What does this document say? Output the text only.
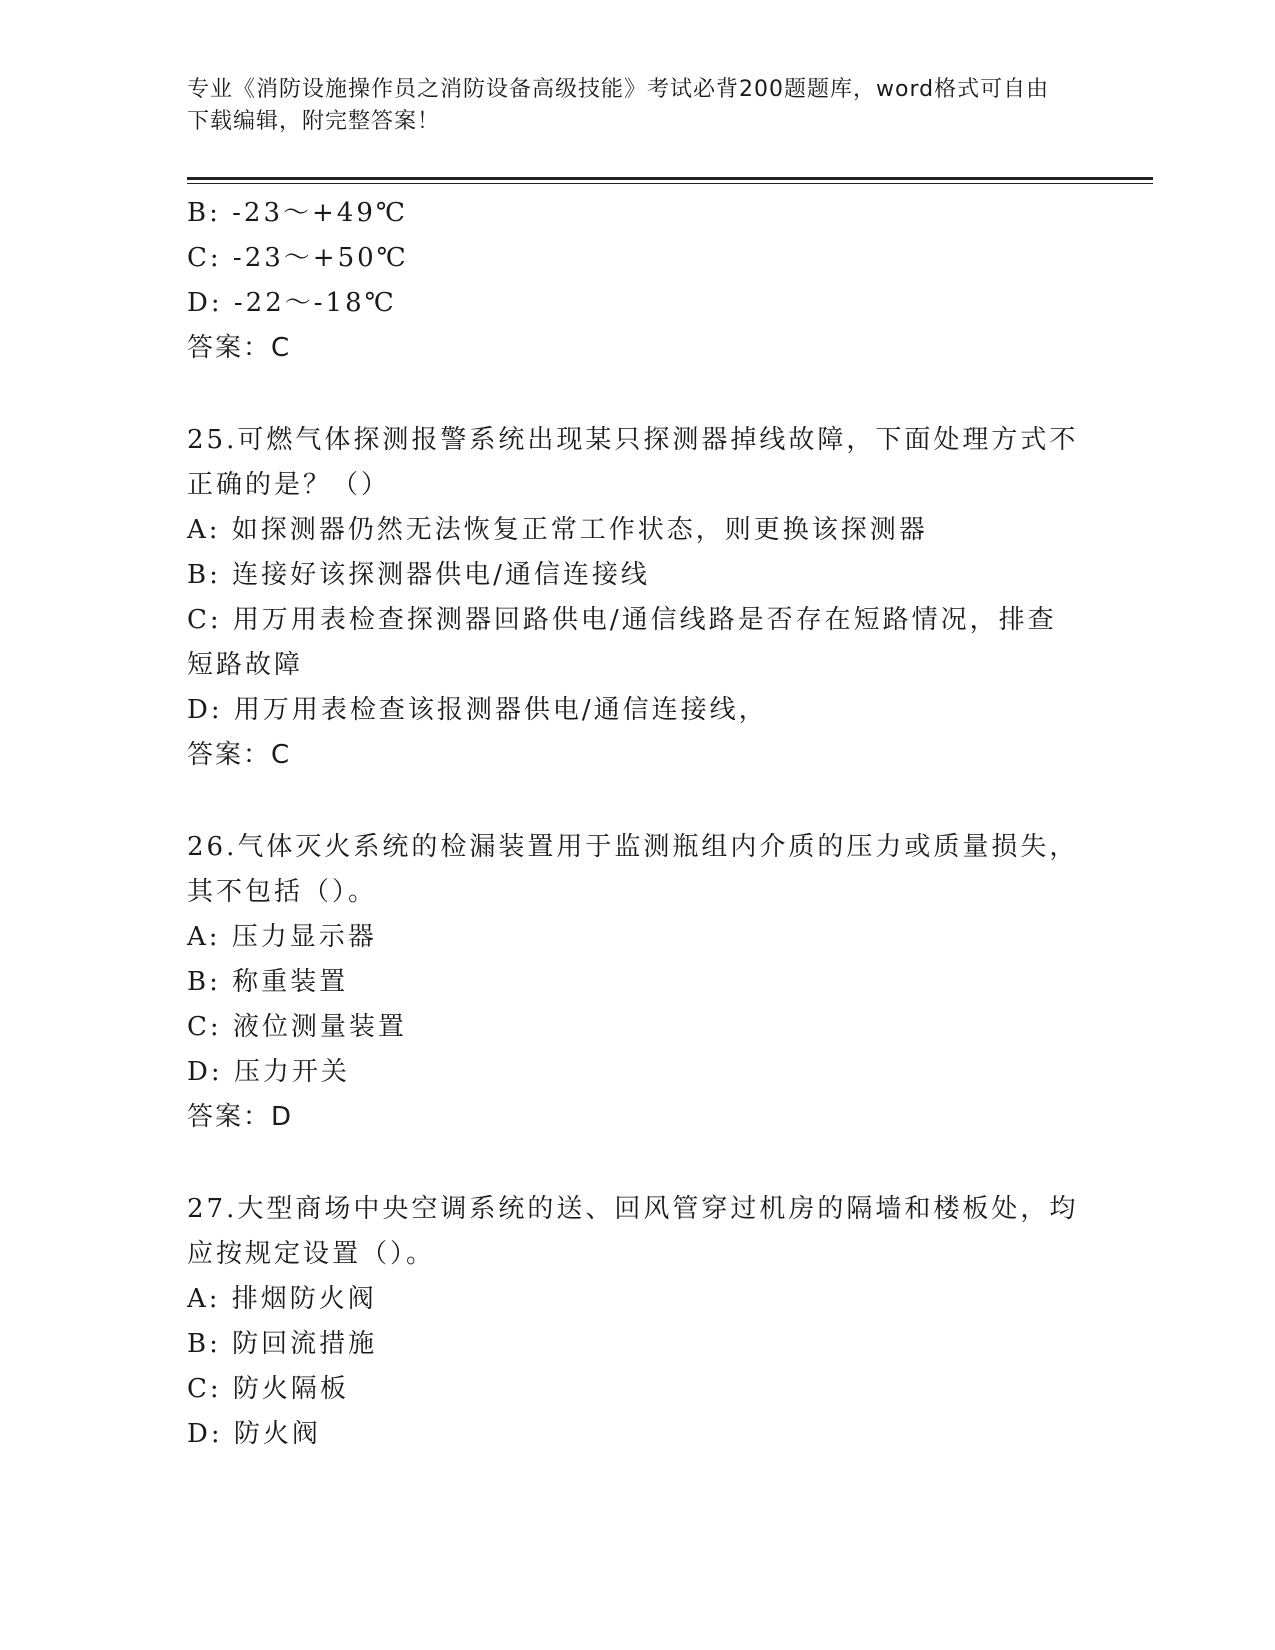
专业《消防设施操作员之消防设备高级技能》考试必背200题题库，word格式可自由下载编辑，附完整答案！
B: -23～+49℃
C: -23～+50℃
D: -22～-18℃
答案：C
25.可燃气体探测报警系统出现某只探测器掉线故障，下面处理方式不
正确的是？（）
A: 如探测器仍然无法恢复正常工作状态，则更换该探测器
B: 连接好该探测器供电/通信连接线
C: 用万用表检查探测器回路供电/通信线路是否存在短路情况，排查
短路故障
D: 用万用表检查该报测器供电/通信连接线，
答案：C
26.气体灭火系统的检漏装置用于监测瓶组内介质的压力或质量损失，
其不包括（）。
A: 压力显示器
B: 称重装置
C: 液位测量装置
D: 压力开关
答案：D
27.大型商场中央空调系统的送、回风管穿过机房的隔墙和楼板处，均
应按规定设置（）。
A: 排烟防火阀
B: 防回流措施
C: 防火隔板
D: 防火阀
